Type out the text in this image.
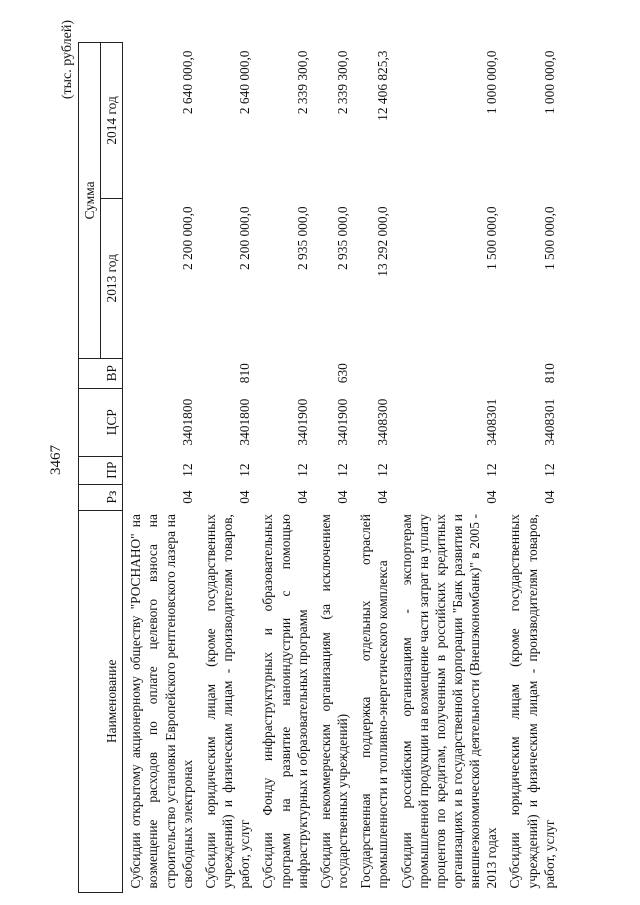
3467
(тыс. рублей)
Наименование	Рз	ПР	ЦСР	ВР	Сумма	
					2013 год	2014 год
Субсидии открытому акционерному обществу "РОСНАНО" на возмещение расходов по оплате целевого взноса на строительство установки Европейского рентгеновского лазера на свободных электронах	04	12	3401800		2 200 000,0	2 640 000,0
Субсидии юридическим лицам (кроме государственных учреждений) и физическим лицам - производителям товаров, работ, услуг	04	12	3401800	810	2 200 000,0	2 640 000,0
Субсидии Фонду инфраструктурных и образовательных программ на развитие наноиндустрии с помощью инфраструктурных и образовательных программ	04	12	3401900		2 935 000,0	2 339 300,0
Субсидии некоммерческим организациям (за исключением государственных учреждений)	04	12	3401900	630	2 935 000,0	2 339 300,0
Государственная поддержка отдельных отраслей промышленности и топливно-энергетического комплекса	04	12	3408300		13 292 000,0	12 406 825,3
Субсидии российским организациям - экспортерам промышленной продукции на возмещение части затрат на уплату процентов по кредитам, полученным в российских кредитных организациях и в государственной корпорации "Банк развития и внешнеэкономической деятельности (Внешэкономбанк)" в 2005 - 2013 годах	04	12	3408301		1 500 000,0	1 000 000,0
Субсидии юридическим лицам (кроме государственных учреждений) и физическим лицам - производителям товаров, работ, услуг	04	12	3408301	810	1 500 000,0	1 000 000,0
